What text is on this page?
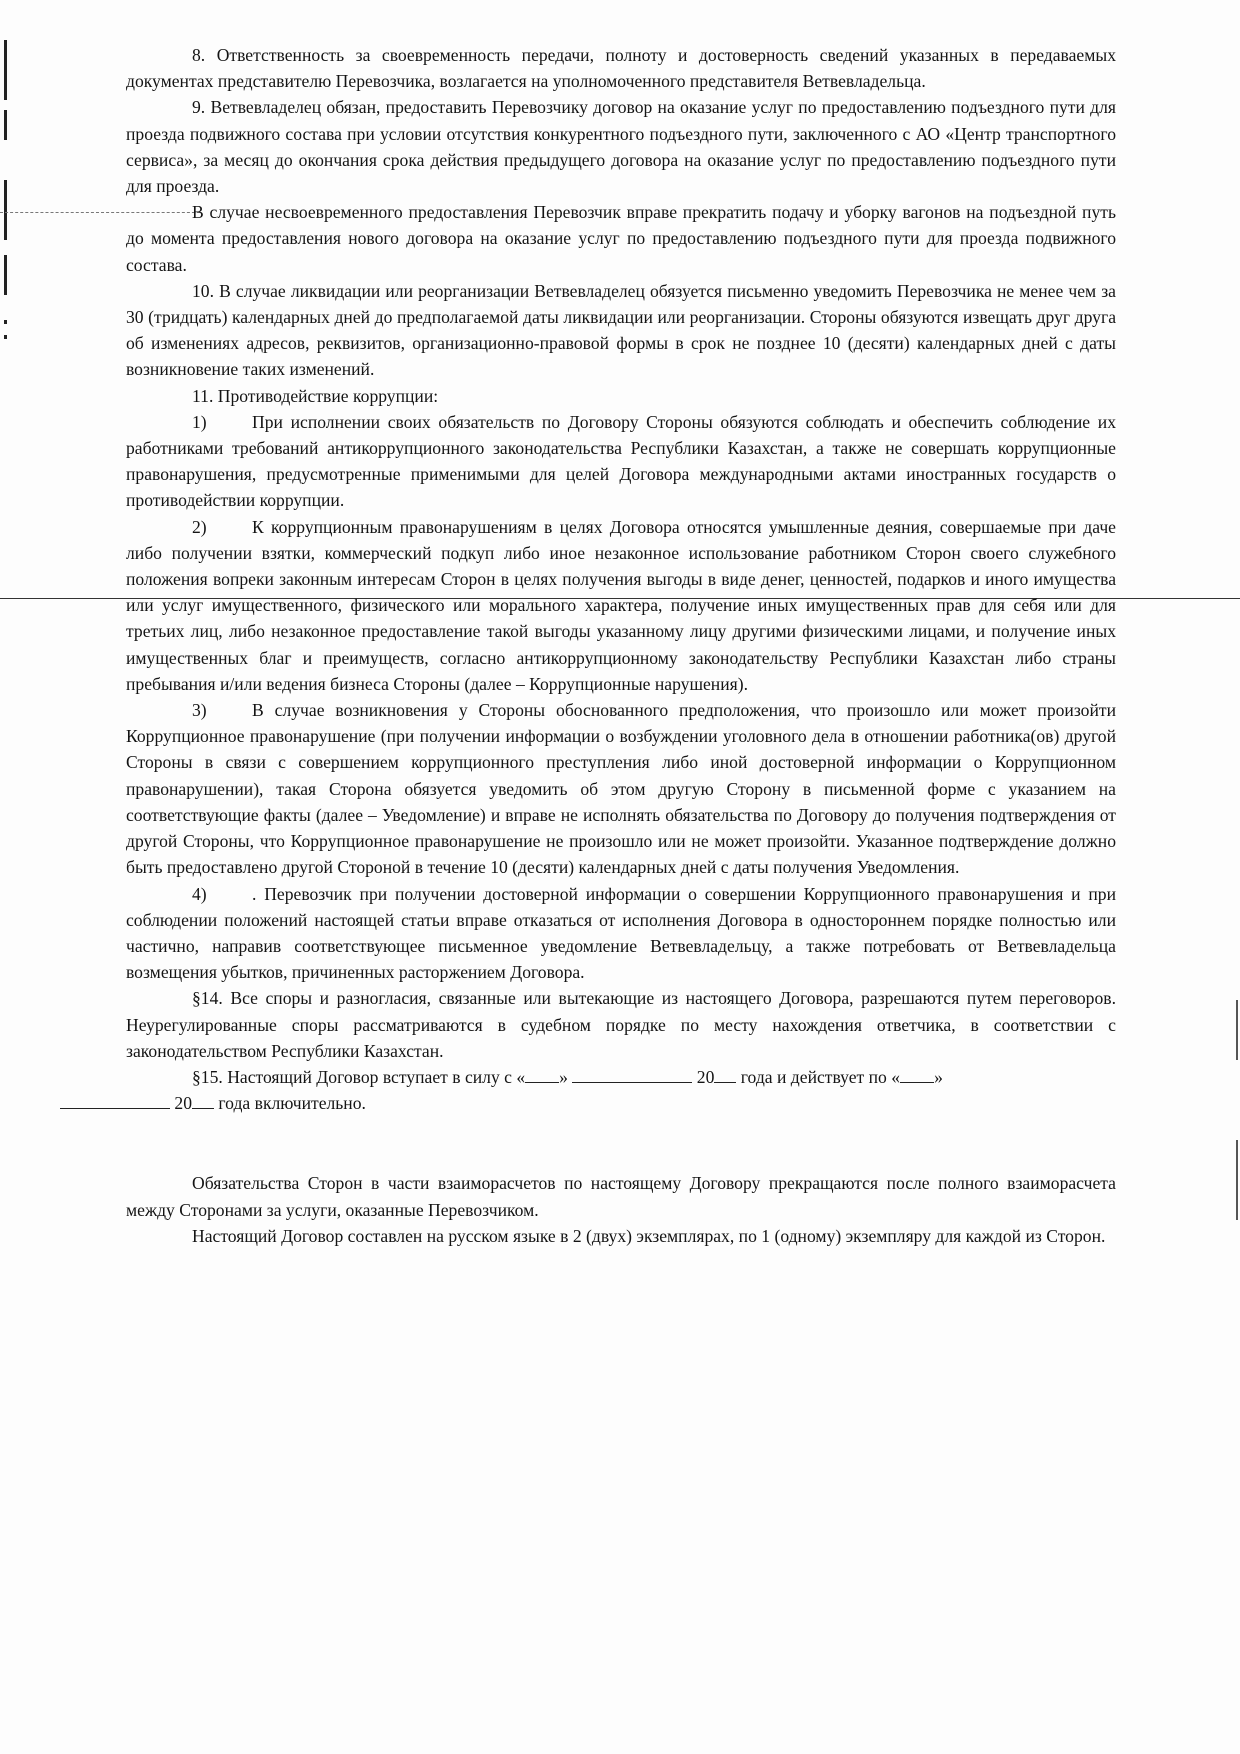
8. Ответственность за своевременность передачи, полноту и достоверность сведений указанных в передаваемых документах представителю Перевозчика, возлагается на уполномоченного представителя Ветвевладельца.

9. Ветвевладелец обязан, предоставить Перевозчику договор на оказание услуг по предоставлению подъездного пути для проезда подвижного состава при условии отсутствия конкурентного подъездного пути, заключенного с АО «Центр транспортного сервиса», за месяц до окончания срока действия предыдущего договора на оказание услуг по предоставлению подъездного пути для проезда.

В случае несвоевременного предоставления Перевозчик вправе прекратить подачу и уборку вагонов на подъездной путь до момента предоставления нового договора на оказание услуг по предоставлению подъездного пути для проезда подвижного состава.

10. В случае ликвидации или реорганизации Ветвевладелец обязуется письменно уведомить Перевозчика не менее чем за 30 (тридцать) календарных дней до предполагаемой даты ликвидации или реорганизации. Стороны обязуются извещать друг друга об изменениях адресов, реквизитов, организационно-правовой формы в срок не позднее 10 (десяти) календарных дней с даты возникновение таких изменений.

11. Противодействие коррупции:

1)	При исполнении своих обязательств по Договору Стороны обязуются соблюдать и обеспечить соблюдение их работниками требований антикоррупционного законодательства Республики Казахстан, а также не совершать коррупционные правонарушения, предусмотренные применимыми для целей Договора международными актами иностранных государств о противодействии коррупции.

2)	К коррупционным правонарушениям в целях Договора относятся умышленные деяния, совершаемые при даче либо получении взятки, коммерческий подкуп либо иное незаконное использование работником Сторон своего служебного положения вопреки законным интересам Сторон в целях получения выгоды в виде денег, ценностей, подарков и иного имущества или услуг имущественного, физического или морального характера, получение иных имущественных прав для себя или для третьих лиц, либо незаконное предоставление такой выгоды указанному лицу другими физическими лицами, и получение иных имущественных благ и преимуществ, согласно антикоррупционному законодательству Республики Казахстан либо страны пребывания и/или ведения бизнеса Стороны (далее – Коррупционные нарушения).

3)	В случае возникновения у Стороны обоснованного предположения, что произошло или может произойти Коррупционное правонарушение (при получении информации о возбуждении уголовного дела в отношении работника(ов) другой Стороны в связи с совершением коррупционного преступления либо иной достоверной информации о Коррупционном правонарушении), такая Сторона обязуется уведомить об этом другую Сторону в письменной форме с указанием на соответствующие факты (далее – Уведомление) и вправе не исполнять обязательства по Договору до получения подтверждения от другой Стороны, что Коррупционное правонарушение не произошло или не может произойти. Указанное подтверждение должно быть предоставлено другой Стороной в течение 10 (десяти) календарных дней с даты получения Уведомления.

4)	. Перевозчик при получении достоверной информации о совершении Коррупционного правонарушения и при соблюдении положений настоящей статьи вправе отказаться от исполнения Договора в одностороннем порядке полностью или частично, направив соответствующее письменное уведомление Ветвевладельцу, а также потребовать от Ветвевладельца возмещения убытков, причиненных расторжением Договора.

§14. Все споры и разногласия, связанные или вытекающие из настоящего Договора, разрешаются путем переговоров. Неурегулированные споры рассматриваются в судебном порядке по месту нахождения ответчика, в соответствии с законодательством Республики Казахстан.

§15. Настоящий Договор вступает в силу с « »	20 года и действует по « »
20 года включительно.

Обязательства Сторон в части взаиморасчетов по настоящему Договору прекращаются после полного взаиморасчета между Сторонами за услуги, оказанные Перевозчиком.

Настоящий Договор составлен на русском языке в 2 (двух) экземплярах, по 1 (одному) экземпляру для каждой из Сторон.
